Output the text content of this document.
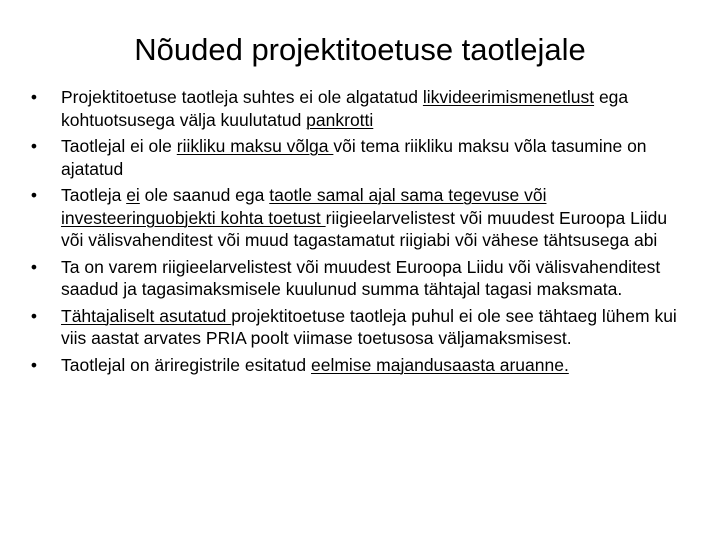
Nõuded projektitoetuse taotlejale
• Projektitoetuse taotleja suhtes ei ole algatatud likvideerimismenetlust ega kohtuotsusega välja kuulutatud pankrotti
• Taotlejal ei ole riikliku maksu võlga või tema riikliku maksu võla tasumine on ajatatud
• Taotleja ei ole saanud ega taotle samal ajal sama tegevuse või investeeringuobjekti kohta toetust riigieelarvelistest või muudest Euroopa Liidu või välisvahenditest või muud tagastamatut riigiabi või vähese tähtsusega abi
• Ta on varem riigieelarvelistest või muudest Euroopa Liidu või välisvahenditest saadud ja tagasimaksmisele kuulunud summa tähtajal tagasi maksmata.
• Tähtajaliselt asutatud projektitoetuse taotleja puhul ei ole see tähtaeg lühem kui viis aastat arvates PRIA poolt viimase toetusosa väljamaksmisest.
• Taotlejal on äriregistrile esitatud eelmise majandusaasta aruanne.
